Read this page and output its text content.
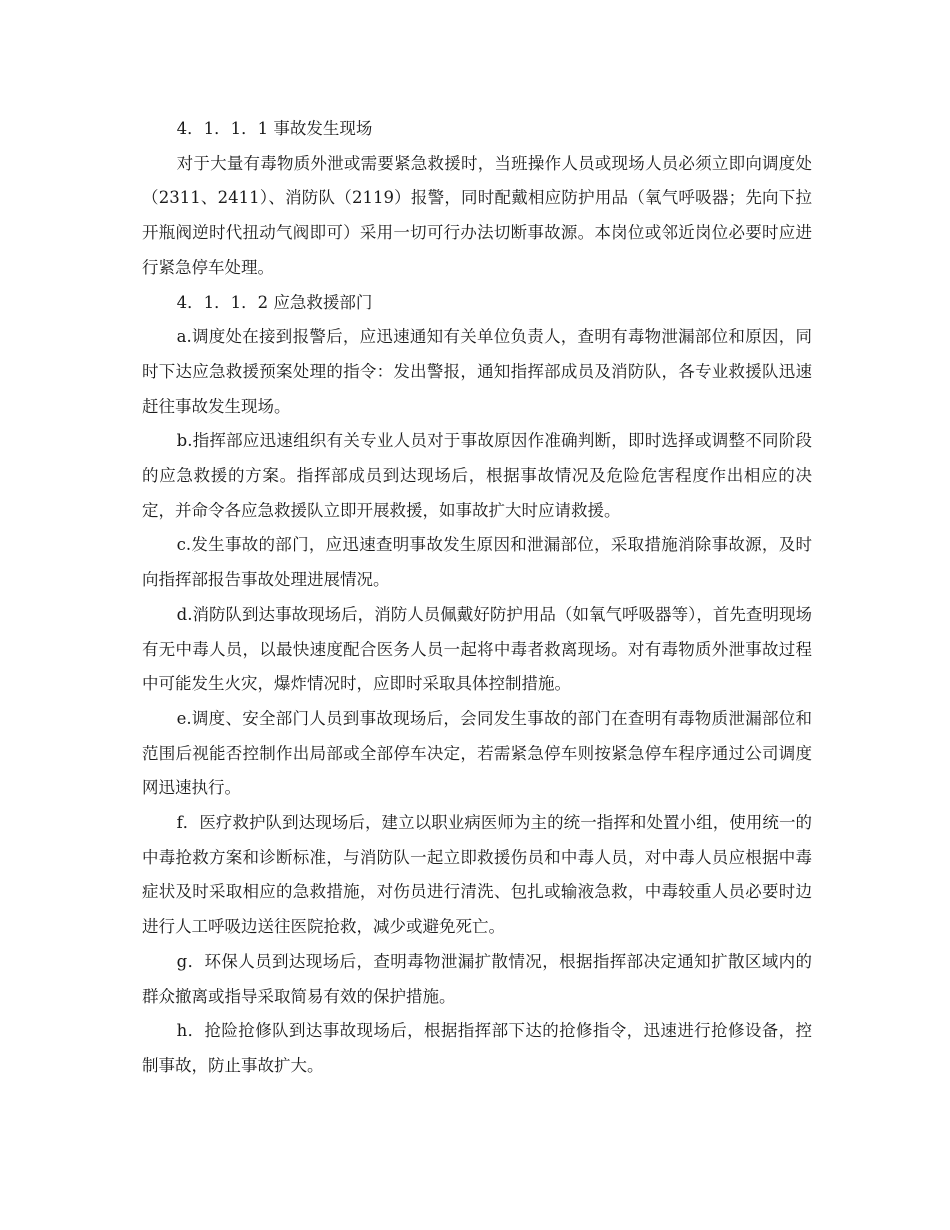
4．1．1．1 事故发生现场

对于大量有毒物质外泄或需要紧急救援时，当班操作人员或现场人员必须立即向调度处（2311、2411）、消防队（2119）报警，同时配戴相应防护用品（氧气呼吸器；先向下拉开瓶阀逆时代扭动气阀即可）采用一切可行办法切断事故源。本岗位或邻近岗位必要时应进行紧急停车处理。

4．1．1．2 应急救援部门

a.调度处在接到报警后，应迅速通知有关单位负责人，查明有毒物泄漏部位和原因，同时下达应急救援预案处理的指令：发出警报，通知指挥部成员及消防队，各专业救援队迅速赶往事故发生现场。

b.指挥部应迅速组织有关专业人员对于事故原因作准确判断，即时选择或调整不同阶段的应急救援的方案。指挥部成员到达现场后，根据事故情况及危险危害程度作出相应的决定，并命令各应急救援队立即开展救援，如事故扩大时应请救援。

c.发生事故的部门，应迅速查明事故发生原因和泄漏部位，采取措施消除事故源，及时向指挥部报告事故处理进展情况。

d.消防队到达事故现场后，消防人员佩戴好防护用品（如氧气呼吸器等），首先查明现场有无中毒人员，以最快速度配合医务人员一起将中毒者救离现场。对有毒物质外泄事故过程中可能发生火灾，爆炸情况时，应即时采取具体控制措施。

e.调度、安全部门人员到事故现场后，会同发生事故的部门在查明有毒物质泄漏部位和范围后视能否控制作出局部或全部停车决定，若需紧急停车则按紧急停车程序通过公司调度网迅速执行。

f．医疗救护队到达现场后，建立以职业病医师为主的统一指挥和处置小组，使用统一的中毒抢救方案和诊断标准，与消防队一起立即救援伤员和中毒人员，对中毒人员应根据中毒症状及时采取相应的急救措施，对伤员进行清洗、包扎或输液急救，中毒较重人员必要时边进行人工呼吸边送往医院抢救，减少或避免死亡。

g．环保人员到达现场后，查明毒物泄漏扩散情况，根据指挥部决定通知扩散区域内的群众撤离或指导采取简易有效的保护措施。

h．抢险抢修队到达事故现场后，根据指挥部下达的抢修指令，迅速进行抢修设备，控制事故，防止事故扩大。
